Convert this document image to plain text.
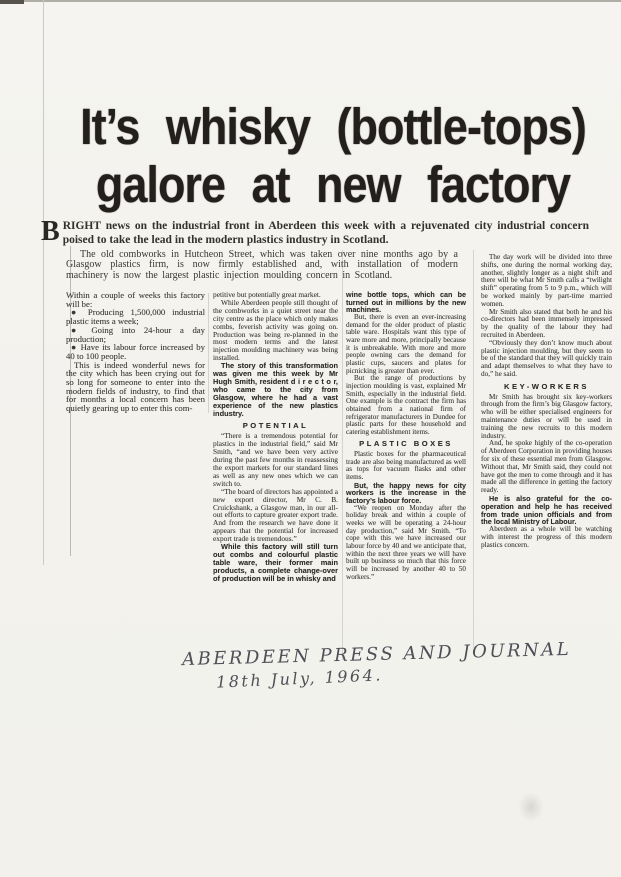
It’s whisky (bottle-tops)
galore at new factory
BRIGHT news on the industrial front in Aberdeen this week with a rejuvenated city industrial concern poised to take the lead in the modern plastics industry in Scotland.
The old combworks in Hutcheon Street, which was taken over nine months ago by a Glasgow plastics firm, is now firmly established and, with installation of modern machinery is now the largest plastic injection moulding concern in Scotland.

Within a couple of weeks this factory will be:

● Producing 1,500,000 industrial plastic items a week;

● Going into 24-hour a day production;

● Have its labour force increased by 40 to 100 people.

This is indeed wonderful news for the city which has been crying out for so long for someone to enter into the modern fields of industry, to find that for months a local concern has been quietly gearing up to enter this com-

petitive but potentially great market.

While Aberdeen people still thought of the combworks in a quiet street near the city centre as the place which only makes combs, feverish activity was going on. Production was being re-planned in the most modern terms and the latest injection moulding machinery was being installed.

The story of this transformation was given me this week by Mr Hugh Smith, resident d i r e c t o r, who came to the city from Glasgow, where he had a vast experience of the new plastics industry.

POTENTIAL

“There is a tremendous potential for plastics in the industrial field,” said Mr Smith, “and we have been very active during the past few months in reassessing the export markets for our standard lines as well as any new ones which we can switch to.

“The board of directors has appointed a new export director, Mr C. B. Cruickshank, a Glasgow man, in our all-out efforts to capture greater export trade. And from the research we have done it appears that the potential for increased export trade is tremendous.”

While this factory will still turn out combs and colourful plastic table ware, their former main products, a complete change-over of production will be in whisky and

wine bottle tops, which can be turned out in millions by the new machines.

But, there is even an ever-increasing demand for the older product of plastic table ware. Hospitals want this type of ware more and more, principally because it is unbreakable. With more and more people owning cars the demand for plastic cups, saucers and plates for picnicking is greater than ever.

But the range of productions by injection moulding is vast, explained Mr Smith, especially in the industrial field. One example is the contract the firm has obtained from a national firm of refrigerator manufacturers in Dundee for plastic parts for these household and catering establishment items.

PLASTIC BOXES

Plastic boxes for the pharmaceutical trade are also being manufactured as well as tops for vacuum flasks and other items.

But, the happy news for city workers is the increase in the factory’s labour force.

“We reopen on Monday after the holiday break and within a couple of weeks we will be operating a 24-hour day production,” said Mr Smith. “To cope with this we have increased our labour force by 40 and we anticipate that, within the next three years we will have built up business so much that this force will be increased by another 40 to 50 workers.”

The day work will be divided into three shifts, one during the normal working day, another, slightly longer as a night shift and there will be what Mr Smith calls a “twilight shift” operating from 5 to 9 p.m., which will be worked mainly by part-time married women.

Mr Smith also stated that both he and his co-directors had been immensely impressed by the quality of the labour they had recruited in Aberdeen.

“Obviously they don’t know much about plastic injection moulding, but they seem to be of the standard that they will quickly train and adapt themselves to what they have to do,” he said.

KEY-WORKERS

Mr Smith has brought six key-workers through from the firm’s big Glasgow factory, who will be either specialised engineers for maintenance duties or will be used in training the new recruits to this modern industry.

And, he spoke highly of the co-operation of Aberdeen Corporation in providing houses for six of these essential men from Glasgow. Without that, Mr Smith said, they could not have got the men to come through and it has made all the difference in getting the factory ready.

He is also grateful for the co-operation and help he has received from trade union officials and from the local Ministry of Labour.

Aberdeen as a whole will be watching with interest the progress of this modern plastics concern.

ABERDEEN PRESS AND JOURNAL
18th July, 1964.
